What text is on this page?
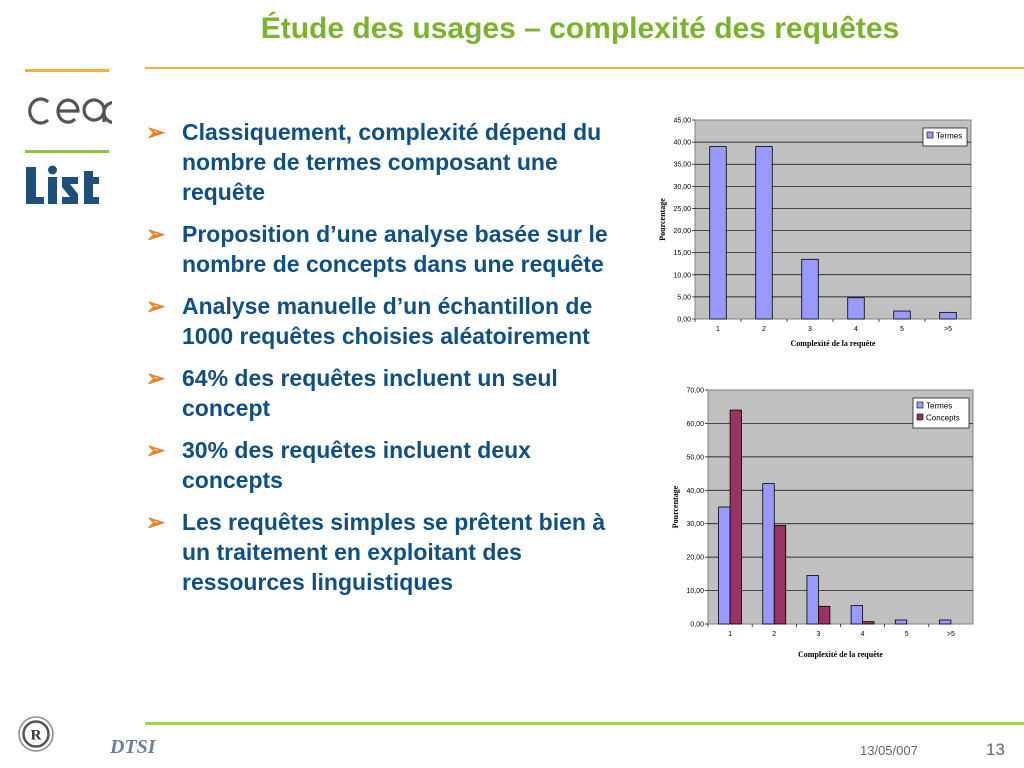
Étude des usages – complexité des requêtes
➢ Classiquement, complexité dépend du nombre de termes composant une requête
➢ Proposition d’une analyse basée sur le nombre de concepts dans une requête
➢ Analyse manuelle d’un échantillon de 1000 requêtes choisies aléatoirement
➢ 64% des requêtes incluent un seul concept
➢ 30% des requêtes incluent deux concepts
➢ Les requêtes simples se prêtent bien à un traitement en exploitant des ressources linguistiques
0,00
5,00
10,00
15,00
20,00
25,00
30,00
35,00
40,00
45,00
1	2	3	4	5	>5
Complexité de la requête
Pourcentage
Termes
0,00
10,00
20,00
30,00
40,00
50,00
60,00
70,00
1	2	3	4	5	>5
Complexité de la requête
Pourcentage
Termes
Concepts
R
DTSI	13/05/007	13
